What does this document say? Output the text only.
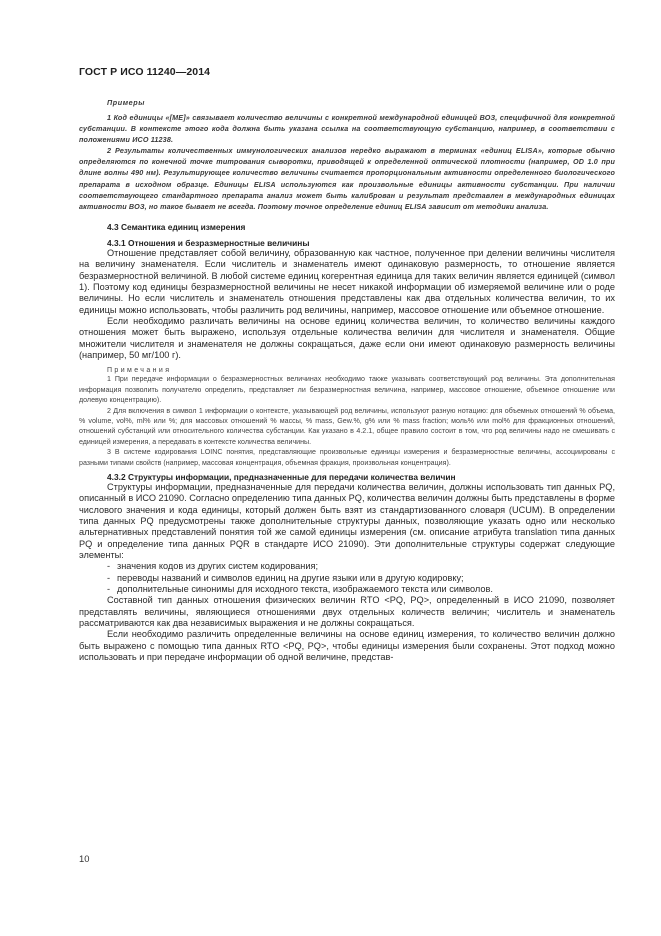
ГОСТ Р ИСО 11240—2014
Примеры

1 Код единицы «[МЕ]» связывает количество величины с конкретной международной единицей ВОЗ, специфичной для конкретной субстанции. В контексте этого кода должна быть указана ссылка на соответствующую субстанцию, например, в соответствии с положениями ИСО 11238.

2 Результаты количественных иммунологических анализов нередко выражают в терминах «единиц ELISA», которые обычно определяются по конечной точке титрования сыворотки, приводящей к определенной оптической плотности (например, OD 1.0 при длине волны 490 нм). Результирующее количество величины считается пропорциональным активности определенного биологического препарата в исходном образце. Единицы ELISA используются как произвольные единицы активности субстанции. При наличии соответствующего стандартного препарата анализ может быть калиброван и результат представлен в международных единицах активности ВОЗ, но такое бывает не всегда. Поэтому точное определение единиц ELISA зависит от методики анализа.

4.3 Семантика единиц измерения
4.3.1 Отношения и безразмерностные величины

Отношение представляет собой величину, образованную как частное, полученное при делении величины числителя на величину знаменателя. Если числитель и знаменатель имеют одинаковую размерность, то отношение является безразмерностной величиной. В любой системе единиц когерентная единица для таких величин является единицей (символ 1). Поэтому код единицы безразмерностной величины не несет никакой информации об измеряемой величине или о роде величины. Но если числитель и знаменатель отношения представлены как два отдельных количества величин, то их единицы можно использовать, чтобы различить род величины, например, массовое отношение или объемное отношение.

Если необходимо различать величины на основе единиц количества величин, то количество величины каждого отношения может быть выражено, используя отдельные количества величин для числителя и знаменателя. Общие множители числителя и знаменателя не должны сокращаться, даже если они имеют одинаковую размерность величины (например, 50 мг/100 г).

Примечания

1 При передаче информации о безразмерностных величинах необходимо также указывать соответствующий род величины. Эта дополнительная информация позволить получателю определить, представляет ли безразмерностная величина, например, массовое отношение, объемное отношение или долевую концентрацию).

2 Для включения в символ 1 информации о контексте, указывающей род величины, используют разную нотацию: для объемных отношений % объема, % volume, vol%, ml% или %; для массовых отношений % массы, % mass, Gew.%, g% или % mass fraction; моль% или mol% для фракционных отношений, отношений субстанций или относительного количества субстанции. Как указано в 4.2.1, общее правило состоит в том, что род величины надо не смешивать с единицей измерения, а передавать в контексте количества величины.

3 В системе кодирования LOINC понятия, представляющие произвольные единицы измерения и безразмерностные величины, ассоциированы с разными типами свойств (например, массовая концентрация, объемная фракция, произвольная концентрация).

4.3.2 Структуры информации, предназначенные для передачи количества величин

Структуры информации, предназначенные для передачи количества величин, должны использовать тип данных PQ, описанный в ИСО 21090. Согласно определению типа данных PQ, количества величин должны быть представлены в форме числового значения и кода единицы, который должен быть взят из стандартизованного словаря (UCUM). В определении типа данных PQ предусмотрены также дополнительные структуры данных, позволяющие указать одно или несколько альтернативных представлений понятия той же самой единицы измерения (см. описание атрибута translation типа данных PQ и определение типа данных PQR в стандарте ИСО 21090). Эти дополнительные структуры содержат следующие элементы:

- значения кодов из других систем кодирования;
- переводы названий и символов единиц на другие языки или в другую кодировку;
- дополнительные синонимы для исходного текста, изображаемого текста или символов.

Составной тип данных отношения физических величин RTO <PQ, PQ>, определенный в ИСО 21090, позволяет представлять величины, являющиеся отношениями двух отдельных количеств величин; числитель и знаменатель рассматриваются как два независимых выражения и не должны сокращаться.

Если необходимо различить определенные величины на основе единиц измерения, то количество величин должно быть выражено с помощью типа данных RTO <PQ, PQ>, чтобы единицы измерения были сохранены. Этот подход можно использовать и при передаче информации об одной величине, представ-

10
